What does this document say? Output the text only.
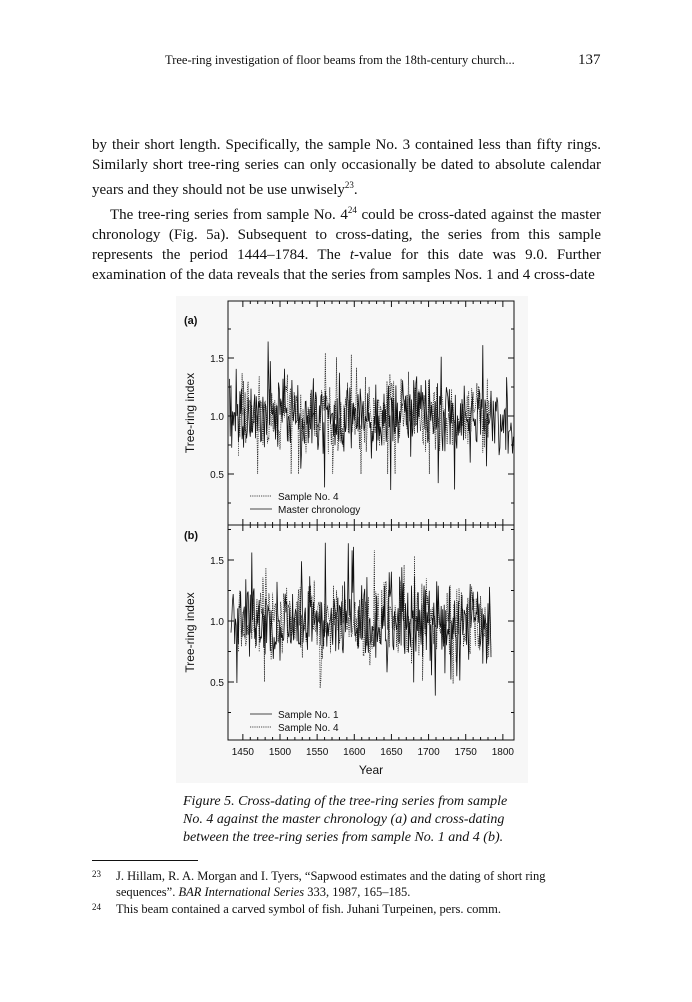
Tree-ring investigation of floor beams from the 18th-century church...	137

by their short length. Specifically, the sample No. 3 contained less than fifty rings. Similarly short tree-ring series can only occasionally be dated to absolute calendar years and they should not be use unwisely$^{23}$.

The tree-ring series from sample No. $4^{24}$ could be cross-dated against the master chronology (Fig. 5a). Subsequent to cross-dating, the series from this sample represents the period 1444–1784. The t-value for this date was 9.0. Further examination of the data reveals that the series from samples Nos. 1 and 4 cross-date

(a)
0.5
1.0
1.5
Tree-ring index
Sample No. 4
Master chronology
(b)
0.5
1.0
1.5
Tree-ring index
Sample No. 1
Sample No. 4
1450 1500 1550 1600 1650 1700 1750 1800
Year
Figure 5. Cross-dating of the tree-ring series from sample No. 4 against the master chronology (a) and cross-dating between the tree-ring series from sample No. 1 and 4 (b).
23 J. Hillam, R. A. Morgan and I. Tyers, “Sapwood estimates and the dating of short ring sequences”. BAR International Series 333, 1987, 165–185.
24 This beam contained a carved symbol of fish. Juhani Turpeinen, pers. comm.
